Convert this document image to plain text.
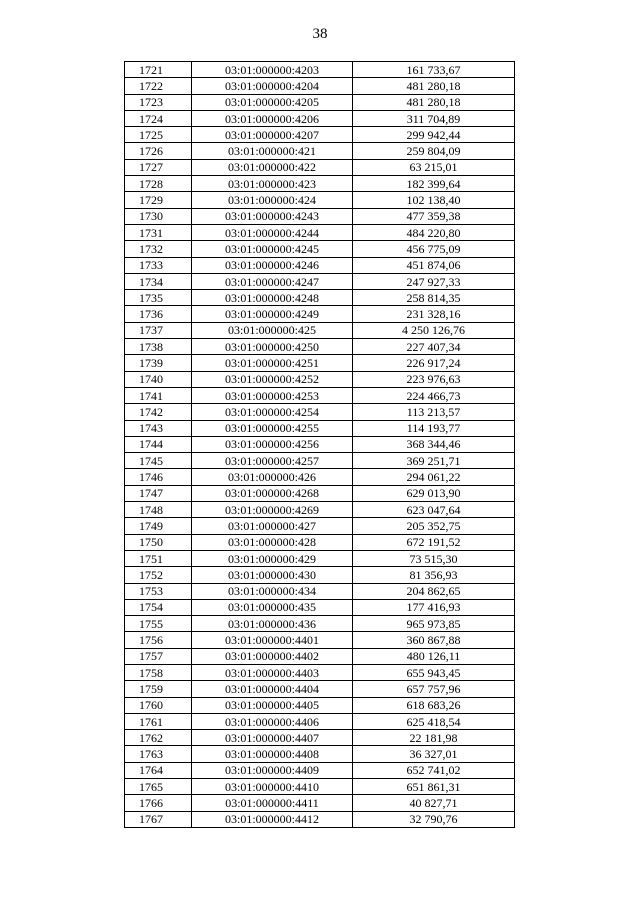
38
1721	03:01:000000:4203	161 733,67
1722	03:01:000000:4204	481 280,18
1723	03:01:000000:4205	481 280,18
1724	03:01:000000:4206	311 704,89
1725	03:01:000000:4207	299 942,44
1726	03:01:000000:421	259 804,09
1727	03:01:000000:422	63 215,01
1728	03:01:000000:423	182 399,64
1729	03:01:000000:424	102 138,40
1730	03:01:000000:4243	477 359,38
1731	03:01:000000:4244	484 220,80
1732	03:01:000000:4245	456 775,09
1733	03:01:000000:4246	451 874,06
1734	03:01:000000:4247	247 927,33
1735	03:01:000000:4248	258 814,35
1736	03:01:000000:4249	231 328,16
1737	03:01:000000:425	4 250 126,76
1738	03:01:000000:4250	227 407,34
1739	03:01:000000:4251	226 917,24
1740	03:01:000000:4252	223 976,63
1741	03:01:000000:4253	224 466,73
1742	03:01:000000:4254	113 213,57
1743	03:01:000000:4255	114 193,77
1744	03:01:000000:4256	368 344,46
1745	03:01:000000:4257	369 251,71
1746	03:01:000000:426	294 061,22
1747	03:01:000000:4268	629 013,90
1748	03:01:000000:4269	623 047,64
1749	03:01:000000:427	205 352,75
1750	03:01:000000:428	672 191,52
1751	03:01:000000:429	73 515,30
1752	03:01:000000:430	81 356,93
1753	03:01:000000:434	204 862,65
1754	03:01:000000:435	177 416,93
1755	03:01:000000:436	965 973,85
1756	03:01:000000:4401	360 867,88
1757	03:01:000000:4402	480 126,11
1758	03:01:000000:4403	655 943,45
1759	03:01:000000:4404	657 757,96
1760	03:01:000000:4405	618 683,26
1761	03:01:000000:4406	625 418,54
1762	03:01:000000:4407	22 181,98
1763	03:01:000000:4408	36 327,01
1764	03:01:000000:4409	652 741,02
1765	03:01:000000:4410	651 861,31
1766	03:01:000000:4411	40 827,71
1767	03:01:000000:4412	32 790,76
